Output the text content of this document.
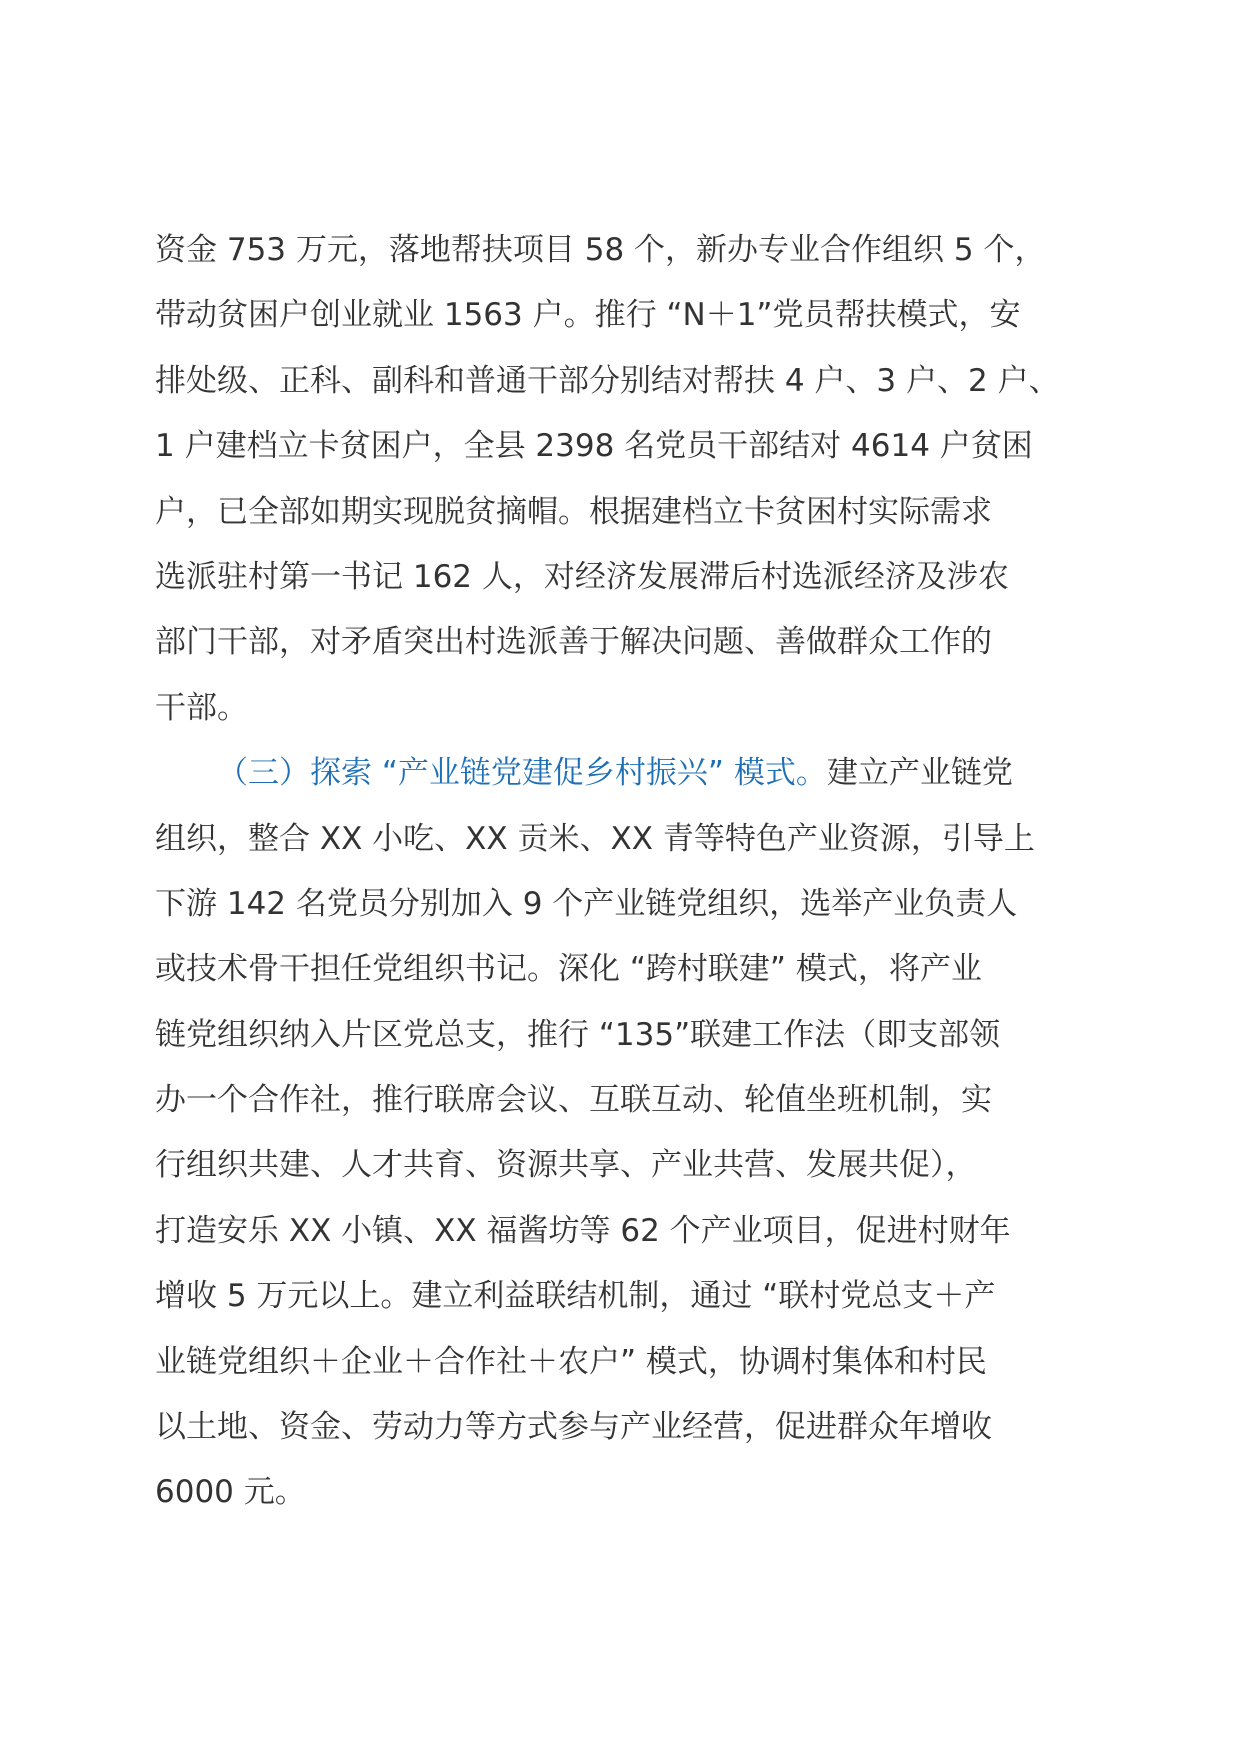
资金 753 万元，落地帮扶项目 58 个，新办专业合作组织 5 个，
带动贫困户创业就业 1563 户。推行 “N＋1”党员帮扶模式，安
排处级、正科、副科和普通干部分别结对帮扶 4 户、3 户、2 户、
1 户建档立卡贫困户，全县 2398 名党员干部结对 4614 户贫困
户，已全部如期实现脱贫摘帽。根据建档立卡贫困村实际需求
选派驻村第一书记 162 人，对经济发展滞后村选派经济及涉农
部门干部，对矛盾突出村选派善于解决问题、善做群众工作的
干部。
（三）探索 “产业链党建促乡村振兴” 模式。建立产业链党
组织，整合 XX 小吃、XX 贡米、XX 青等特色产业资源，引导上
下游 142 名党员分别加入 9 个产业链党组织，选举产业负责人
或技术骨干担任党组织书记。深化 “跨村联建” 模式，将产业
链党组织纳入片区党总支，推行 “135”联建工作法（即支部领
办一个合作社，推行联席会议、互联互动、轮值坐班机制，实
行组织共建、人才共育、资源共享、产业共营、发展共促），
打造安乐 XX 小镇、XX 福酱坊等 62 个产业项目，促进村财年
增收 5 万元以上。建立利益联结机制，通过 “联村党总支＋产
业链党组织＋企业＋合作社＋农户” 模式，协调村集体和村民
以土地、资金、劳动力等方式参与产业经营，促进群众年增收
6000 元。
